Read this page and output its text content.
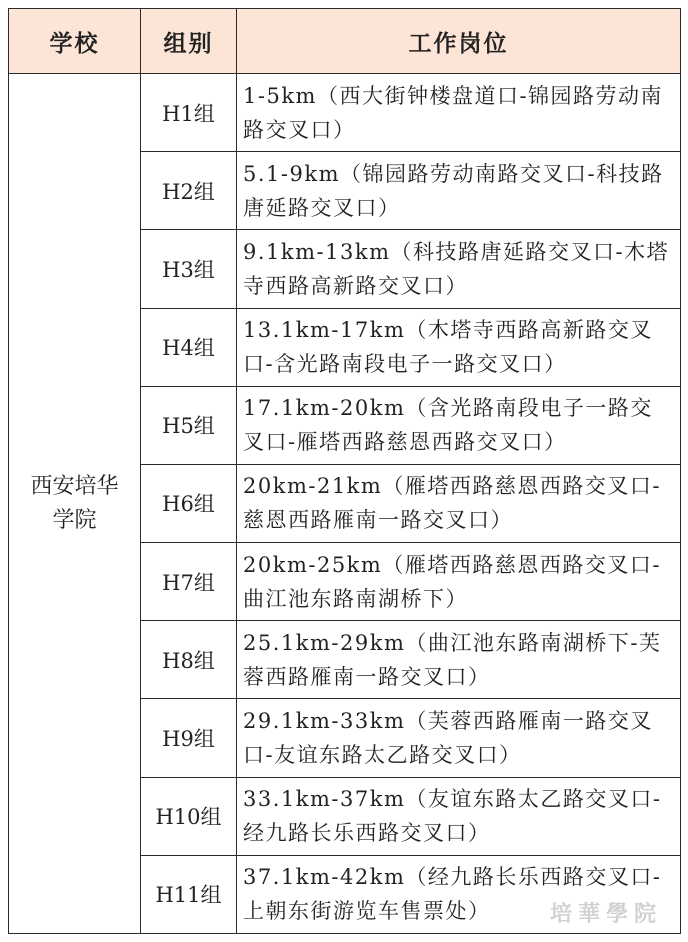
学校	组别	工作岗位
西安培华学院	H1组	1-5km（西大街钟楼盘道口-锦园路劳动南路交叉口）
	H2组	5.1-9km（锦园路劳动南路交叉口-科技路唐延路交叉口）
	H3组	9.1km-13km（科技路唐延路交叉口-木塔寺西路高新路交叉口）
	H4组	13.1km-17km（木塔寺西路高新路交叉口-含光路南段电子一路交叉口）
	H5组	17.1km-20km（含光路南段电子一路交叉口-雁塔西路慈恩西路交叉口）
	H6组	20km-21km（雁塔西路慈恩西路交叉口-慈恩西路雁南一路交叉口）
	H7组	20km-25km（雁塔西路慈恩西路交叉口-曲江池东路南湖桥下）
	H8组	25.1km-29km（曲江池东路南湖桥下-芙蓉西路雁南一路交叉口）
	H9组	29.1km-33km（芙蓉西路雁南一路交叉口-友谊东路太乙路交叉口）
	H10组	33.1km-37km（友谊东路太乙路交叉口-经九路长乐西路交叉口）
	H11组	37.1km-42km（经九路长乐西路交叉口-上朝东街游览车售票处）	培華學院
